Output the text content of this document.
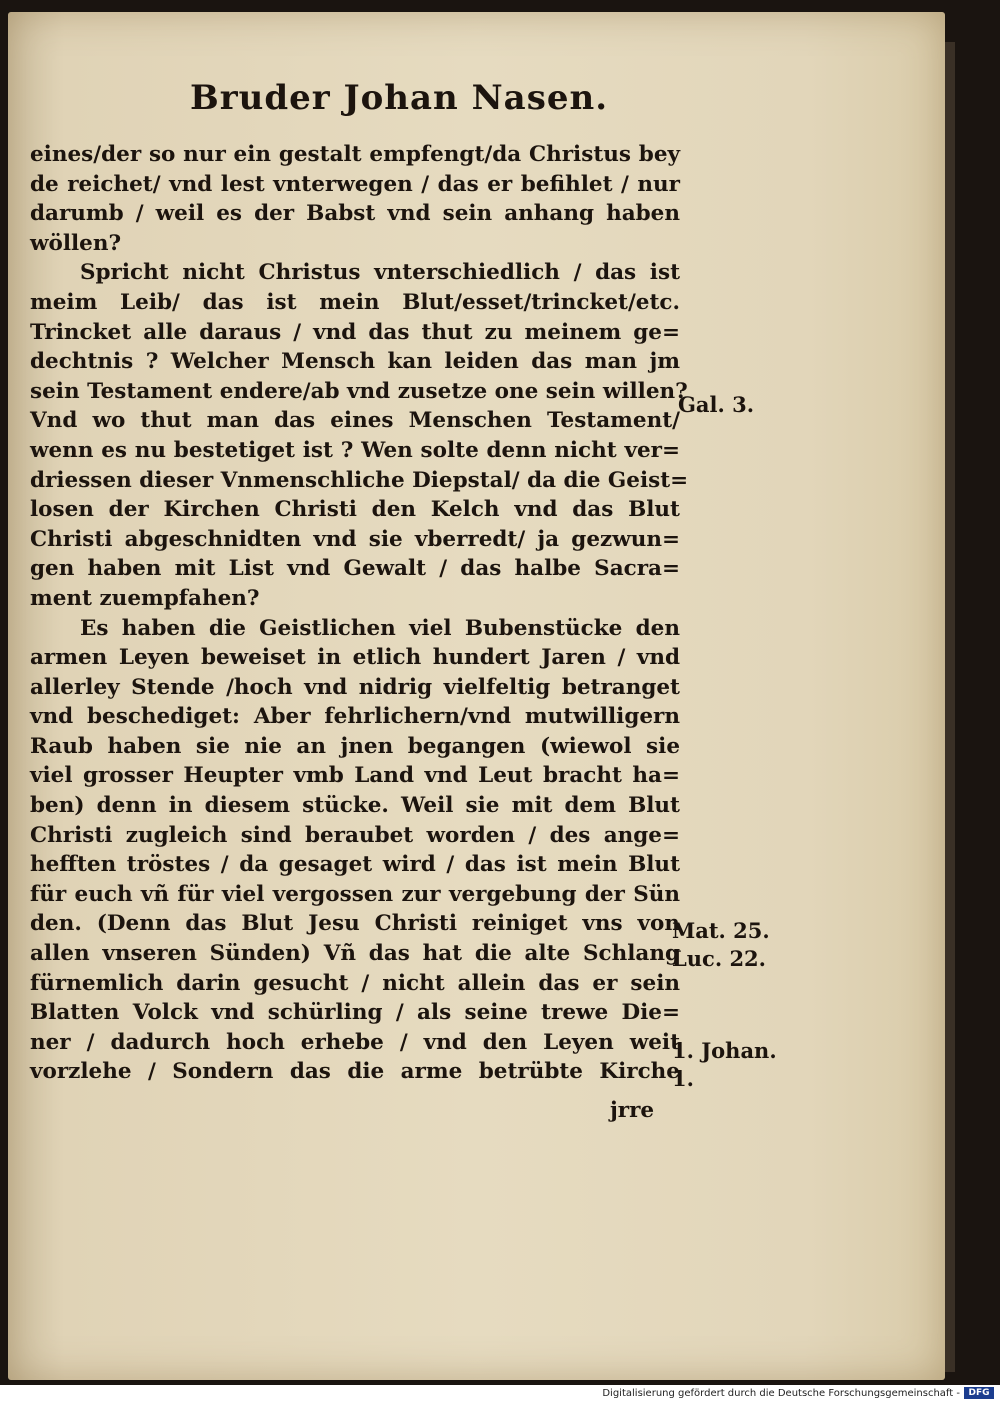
Bruder Johan Nasen.
eines/der so nur ein gestalt empfengt/da Christus bey
de reichet/ vnd lest vnterwegen / das er befihlet / nur
darumb / weil es der Babst vnd sein anhang haben
wöllen?
Spricht nicht Christus vnterschiedlich / das ist
meim Leib/ das ist mein Blut/esset/trincket/etc.
Trincket alle daraus / vnd das thut zu meinem ge=
dechtnis ? Welcher Mensch kan leiden das man jm
sein Testament endere/ab vnd zusetze one sein willen?
Vnd wo thut man das eines Menschen Testament/
wenn es nu bestetiget ist ? Wen solte denn nicht ver=
driessen dieser Vnmenschliche Diepstal/ da die Geist=
losen der Kirchen Christi den Kelch vnd das Blut
Christi abgeschnidten vnd sie vberredt/ ja gezwun=
gen haben mit List vnd Gewalt / das halbe Sacra=
ment zuempfahen?
Es haben die Geistlichen viel Bubenstücke den
armen Leyen beweiset in etlich hundert Jaren / vnd
allerley Stende /hoch vnd nidrig vielfeltig betranget
vnd beschediget: Aber fehrlichern/vnd mutwilligern
Raub haben sie nie an jnen begangen (wiewol sie
viel grosser Heupter vmb Land vnd Leut bracht ha=
ben) denn in diesem stücke. Weil sie mit dem Blut
Christi zugleich sind beraubet worden / des ange=
hefften tröstes / da gesaget wird / das ist mein Blut
für euch vñ für viel vergossen zur vergebung der Sün
den. (Denn das Blut Jesu Christi reiniget vns von
allen vnseren Sünden) Vñ das hat die alte Schlang
fürnemlich darin gesucht / nicht allein das er sein
Blatten Volck vnd schürling / als seine trewe Die=
ner / dadurch hoch erhebe / vnd den Leyen weit
vorzlehe / Sondern das die arme betrübte Kirche
Gal. 3.
Mat. 25.
Luc. 22.
1. Johan.
1.
jrre
Digitalisierung gefördert durch die Deutsche Forschungsgemeinschaft - DFG
